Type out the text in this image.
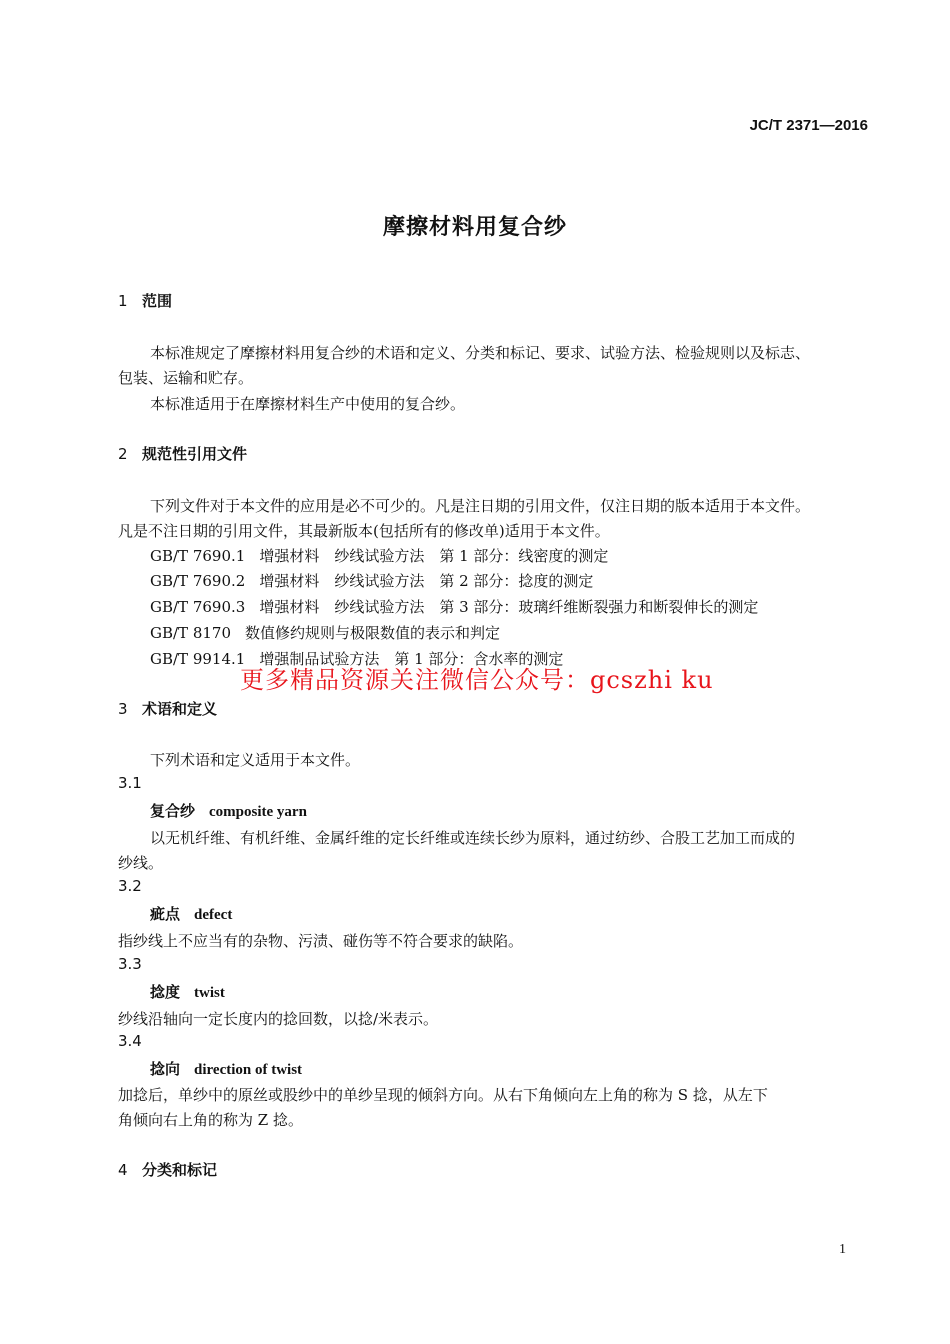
JC/T 2371—2016
摩擦材料用复合纱
1 范围
本标准规定了摩擦材料用复合纱的术语和定义、分类和标记、要求、试验方法、检验规则以及标志、
包装、运输和贮存。
本标准适用于在摩擦材料生产中使用的复合纱。
2 规范性引用文件
下列文件对于本文件的应用是必不可少的。凡是注日期的引用文件，仅注日期的版本适用于本文件。
凡是不注日期的引用文件，其最新版本(包括所有的修改单)适用于本文件。
GB/T 7690.1 增强材料　纱线试验方法　第 1 部分：线密度的测定
GB/T 7690.2 增强材料　纱线试验方法　第 2 部分：捻度的测定
GB/T 7690.3 增强材料　纱线试验方法　第 3 部分：玻璃纤维断裂强力和断裂伸长的测定
GB/T 8170 数值修约规则与极限数值的表示和判定
GB/T 9914.1 增强制品试验方法　第 1 部分：含水率的测定
更多精品资源关注微信公众号：gcszhi ku
3 术语和定义
下列术语和定义适用于本文件。
3.1
复合纱 composite yarn
以无机纤维、有机纤维、金属纤维的定长纤维或连续长纱为原料，通过纺纱、合股工艺加工而成的
纱线。
3.2
疵点 defect
指纱线上不应当有的杂物、污渍、碰伤等不符合要求的缺陷。
3.3
捻度 twist
纱线沿轴向一定长度内的捻回数，以捻/米表示。
3.4
捻向 direction of twist
加捻后，单纱中的原丝或股纱中的单纱呈现的倾斜方向。从右下角倾向左上角的称为 S 捻，从左下
角倾向右上角的称为 Z 捻。
4 分类和标记
1
